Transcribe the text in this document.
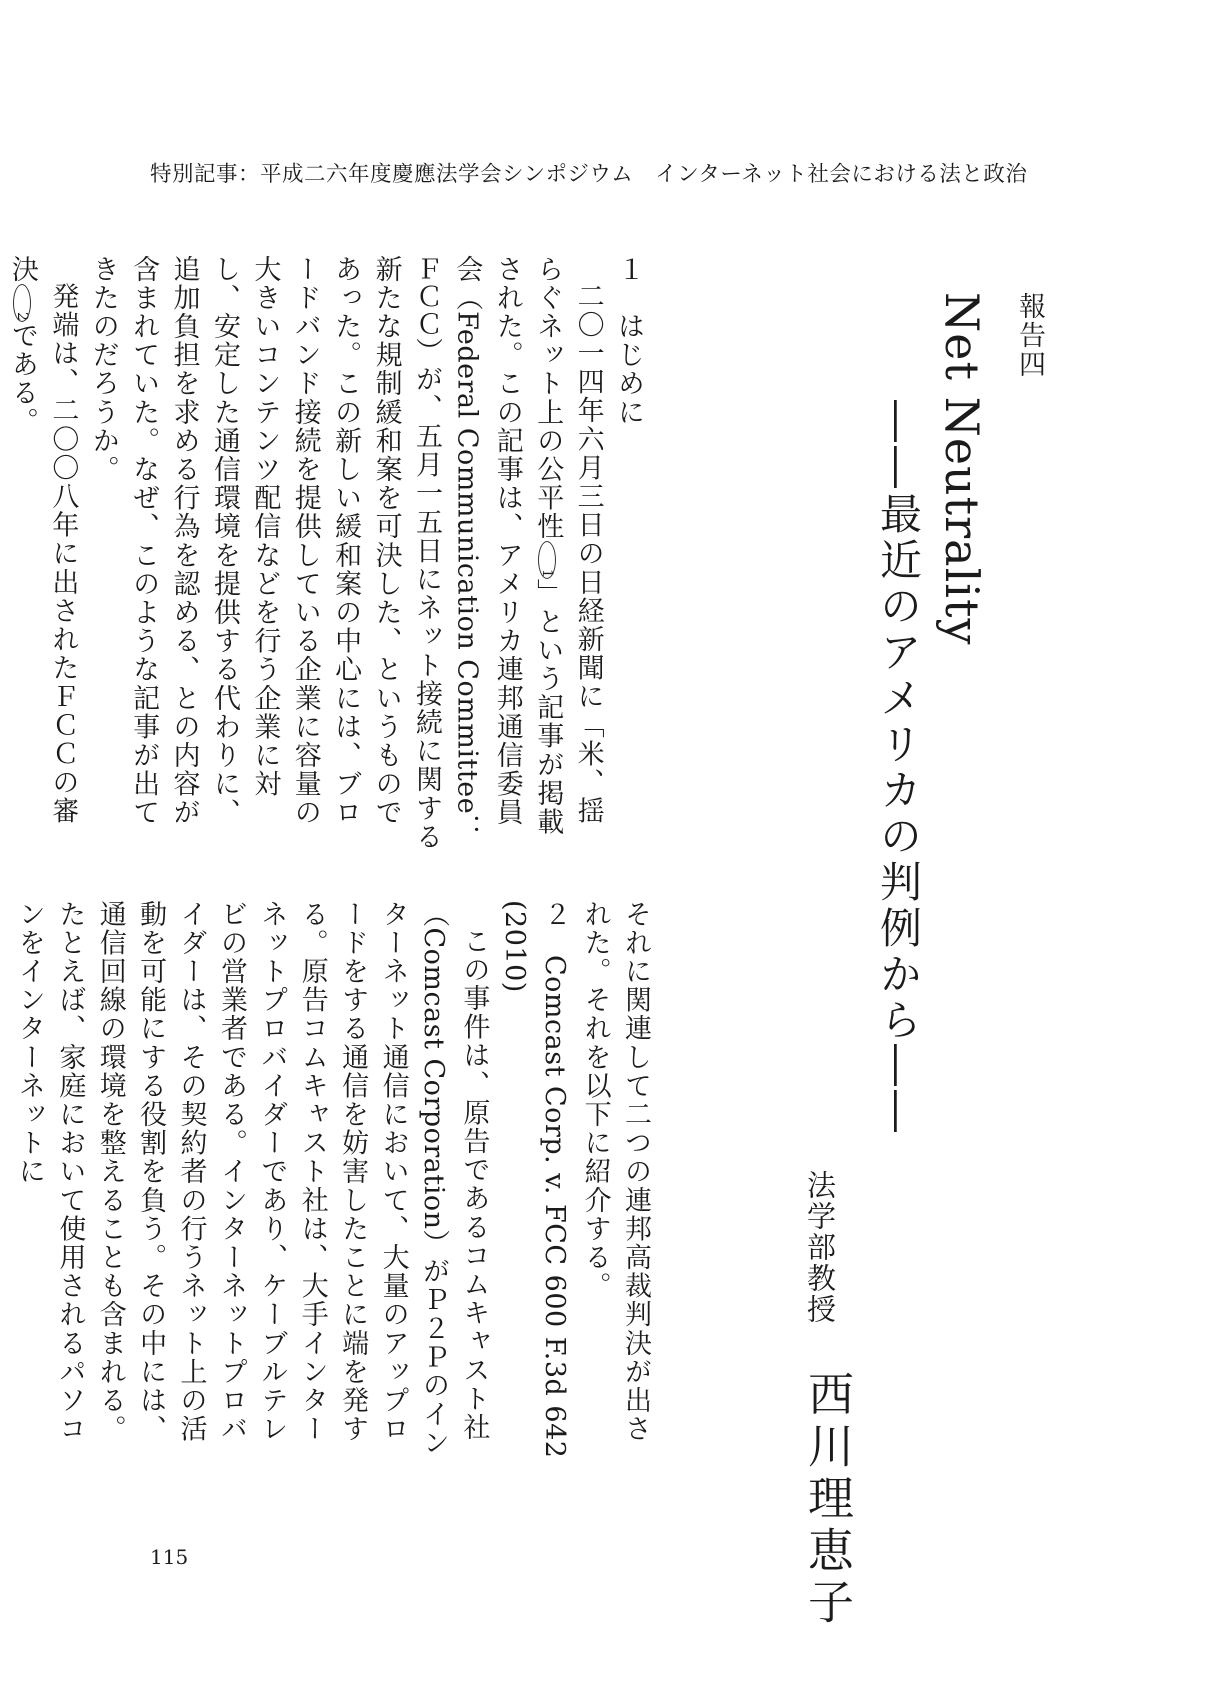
特別記事：平成二六年度慶應法学会シンポジウム　インターネット社会における法と政治
報告四
Net Neutrality
――最近のアメリカの判例から――
法学部教授
西川理恵子

１　はじめに

二〇一四年六月三日の日経新聞に「米、揺らぐネット上の公平性1」という記事が掲載された。この記事は、アメリカ連邦通信委員会（Federal Communication Committee：ＦＣＣ）が、五月一五日にネット接続に関する新たな規制緩和案を可決した、というものであった。この新しい緩和案の中心には、ブロードバンド接続を提供している企業に容量の大きいコンテンツ配信などを行う企業に対し、安定した通信環境を提供する代わりに、追加負担を求める行為を認める、との内容が含まれていた。なぜ、このような記事が出てきたのだろうか。

発端は、二〇〇八年に出されたＦＣＣの審決2である。

それに関連して二つの連邦高裁判決が出された。それを以下に紹介する。

２　Comcast Corp. v. FCC 600 F.3d 642 (2010)

この事件は、原告であるコムキャスト社（Comcast Corporation）がＰ２Ｐのインターネット通信において、大量のアップロードをする通信を妨害したことに端を発する。原告コムキャスト社は、大手インターネットプロバイダーであり、ケーブルテレビの営業者である。インターネットプロバイダーは、その契約者の行うネット上の活動を可能にする役割を負う。その中には、通信回線の環境を整えることも含まれる。たとえば、家庭において使用されるパソコンをインターネットに

115
